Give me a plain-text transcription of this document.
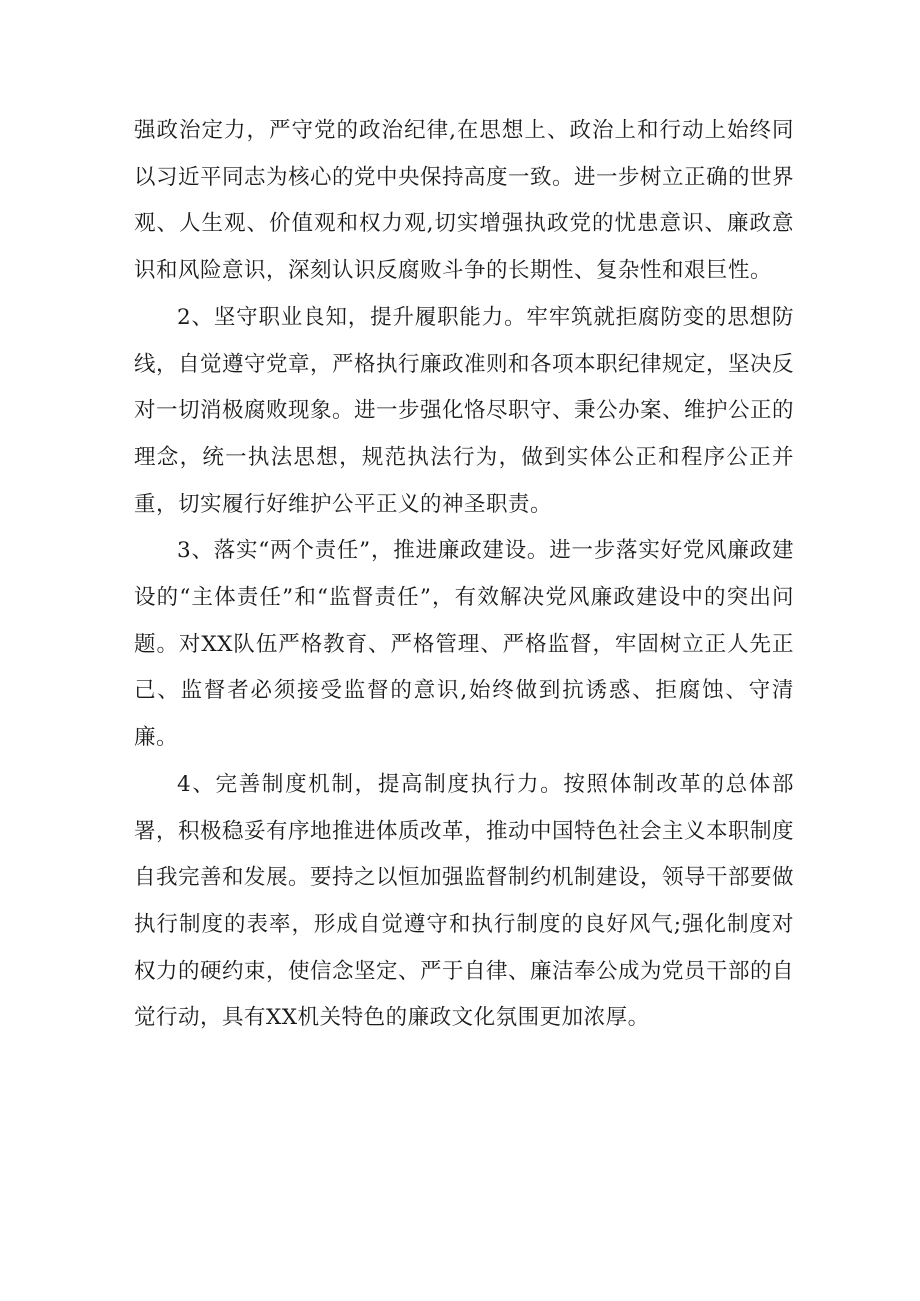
强政治定力，严守党的政治纪律,在思想上、政治上和行动上始终同以习近平同志为核心的党中央保持高度一致。进一步树立正确的世界观、人生观、价值观和权力观,切实增强执政党的忧患意识、廉政意识和风险意识，深刻认识反腐败斗争的长期性、复杂性和艰巨性。

2、坚守职业良知，提升履职能力。牢牢筑就拒腐防变的思想防线，自觉遵守党章，严格执行廉政准则和各项本职纪律规定，坚决反对一切消极腐败现象。进一步强化恪尽职守、秉公办案、维护公正的理念，统一执法思想，规范执法行为，做到实体公正和程序公正并重，切实履行好维护公平正义的神圣职责。

3、落实“两个责任”，推进廉政建设。进一步落实好党风廉政建设的“主体责任”和“监督责任”，有效解决党风廉政建设中的突出问题。对XX队伍严格教育、严格管理、严格监督，牢固树立正人先正己、监督者必须接受监督的意识,始终做到抗诱惑、拒腐蚀、守清廉。

4、完善制度机制，提高制度执行力。按照体制改革的总体部署，积极稳妥有序地推进体质改革，推动中国特色社会主义本职制度自我完善和发展。要持之以恒加强监督制约机制建设，领导干部要做执行制度的表率，形成自觉遵守和执行制度的良好风气;强化制度对权力的硬约束，使信念坚定、严于自律、廉洁奉公成为党员干部的自觉行动，具有XX机关特色的廉政文化氛围更加浓厚。
